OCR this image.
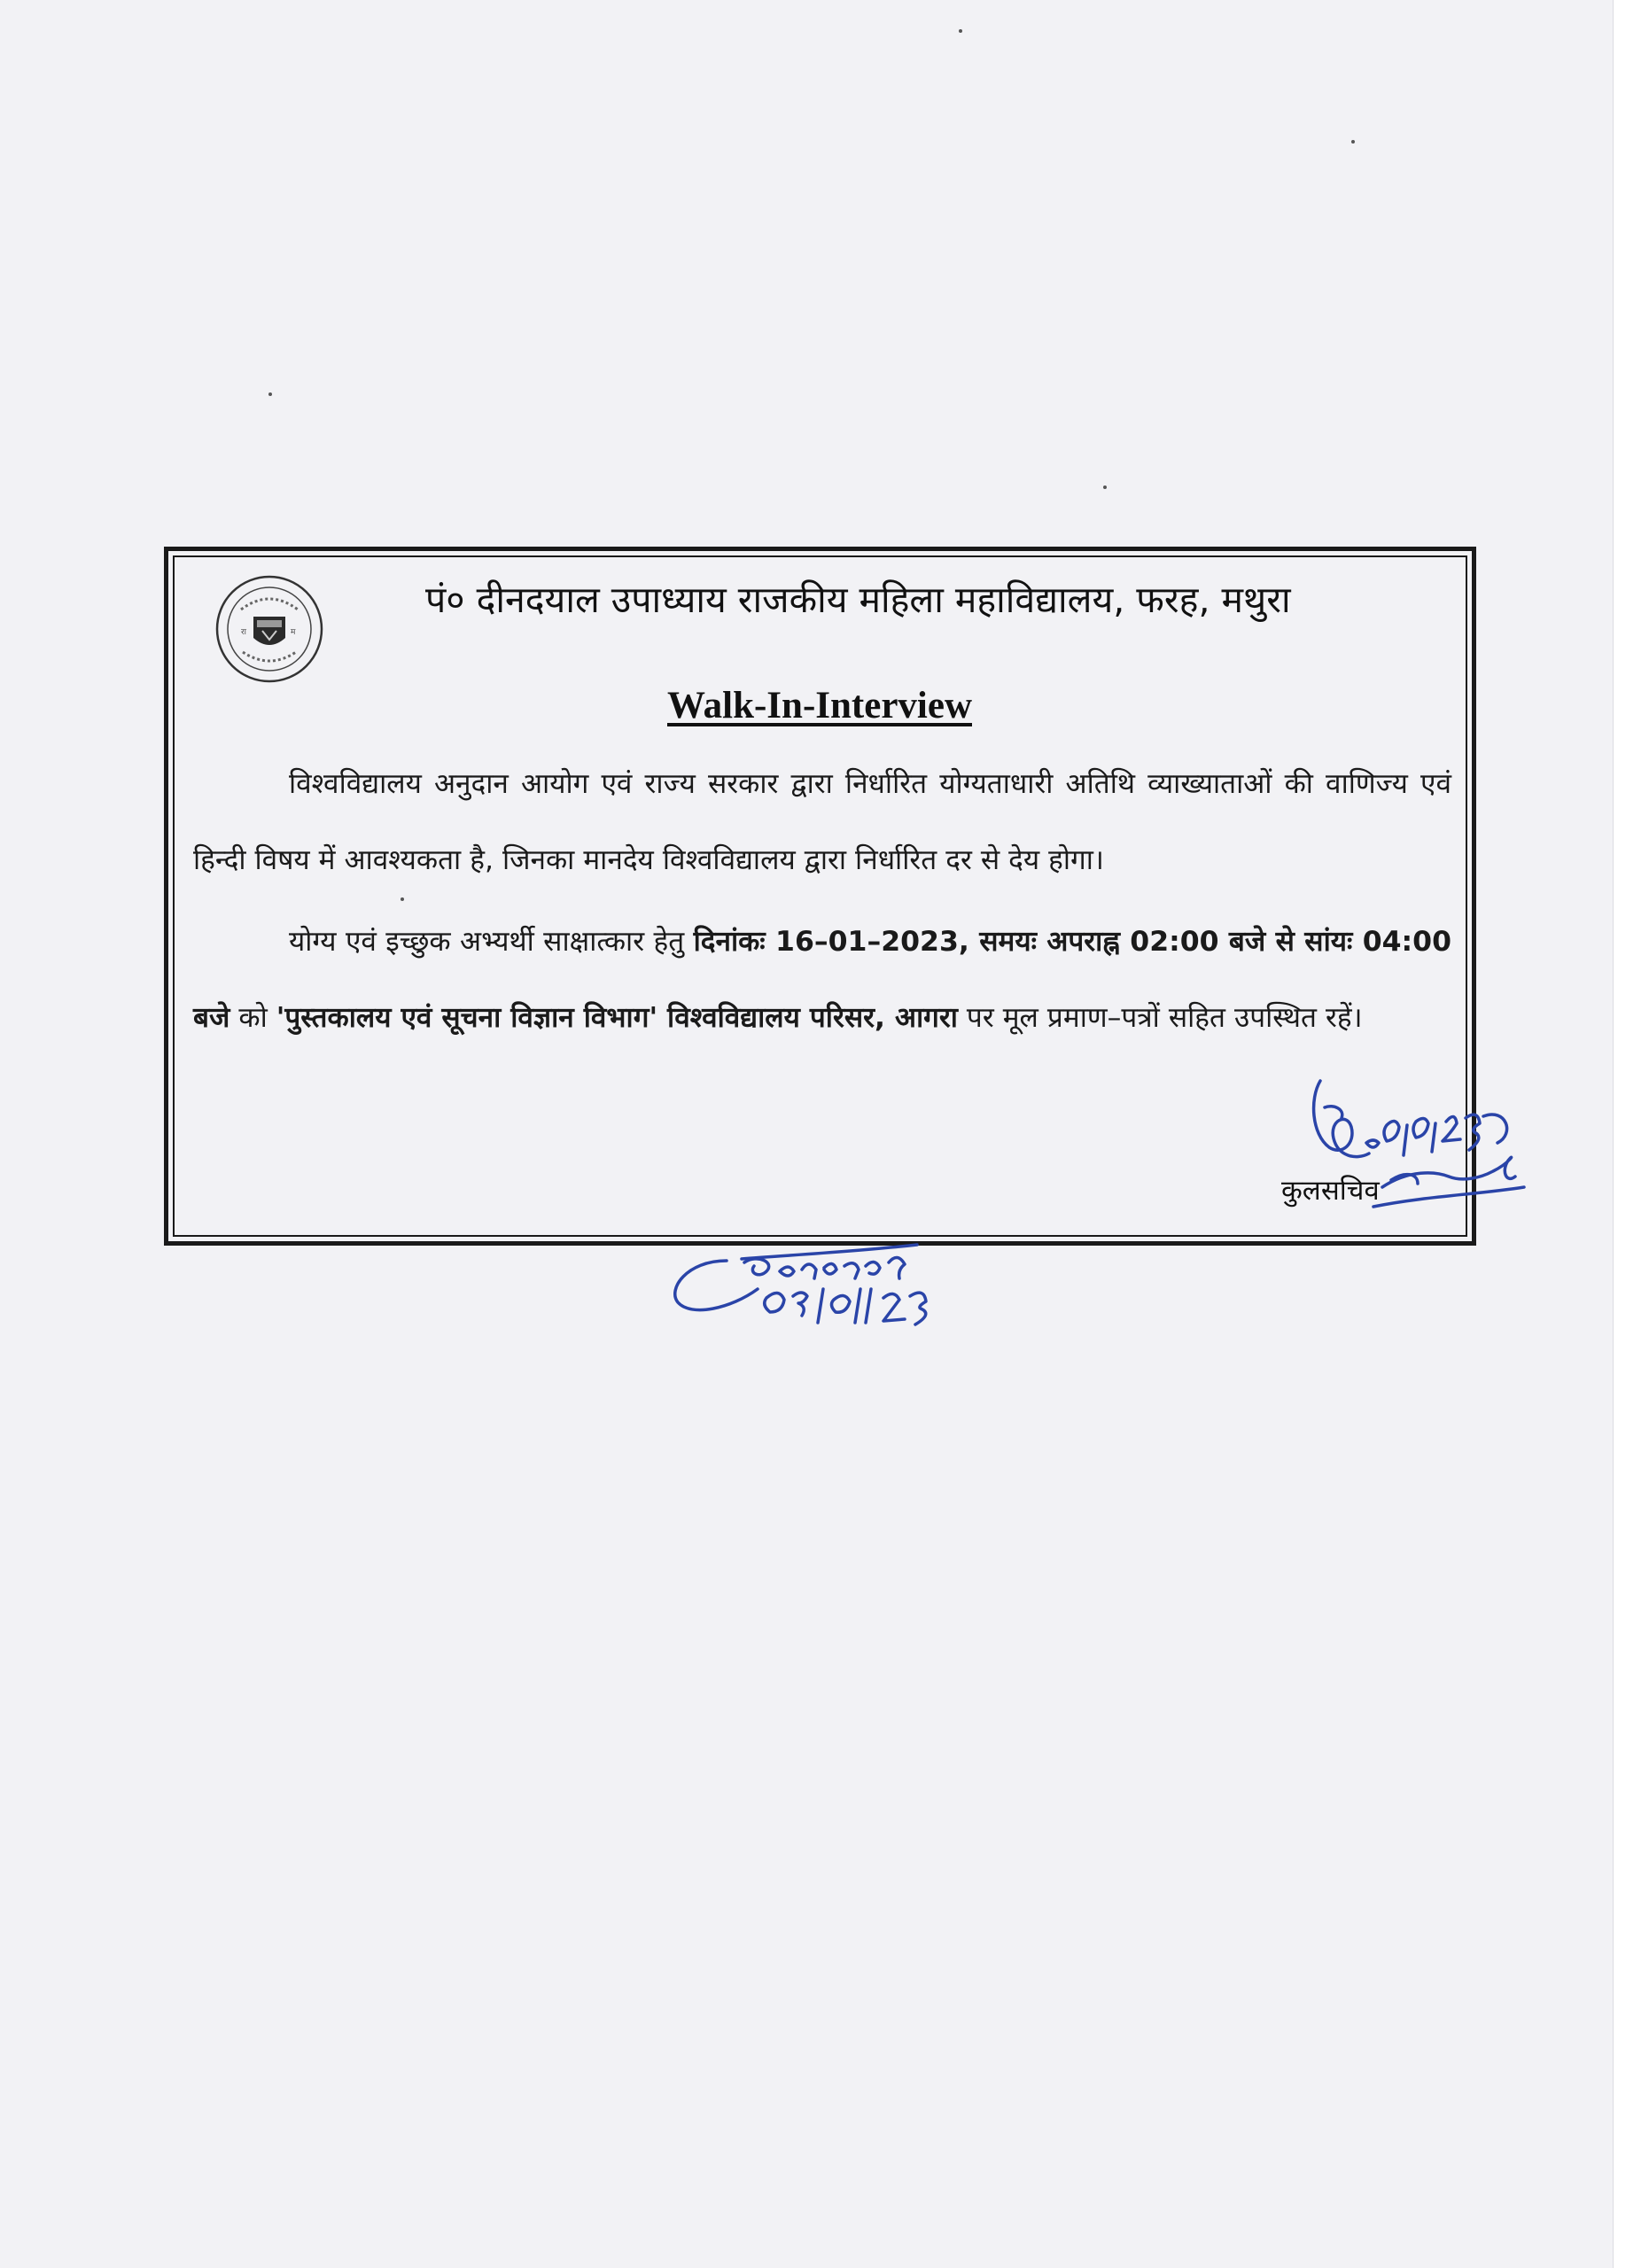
रा	म
पं० दीनदयाल उपाध्याय राजकीय महिला महाविद्यालय, फरह, मथुरा
Walk-In-Interview
विश्वविद्यालय अनुदान आयोग एवं राज्य सरकार द्वारा निर्धारित योग्यताधारी अतिथि व्याख्याताओं की वाणिज्य एवं हिन्दी विषय में आवश्यकता है, जिनका मानदेय विश्वविद्यालय द्वारा निर्धारित दर से देय होगा।
योग्य एवं इच्छुक अभ्यर्थी साक्षात्कार हेतु दिनांकः 16–01–2023, समयः अपराह्न 02:00 बजे से सांयः 04:00 बजे को 'पुस्तकालय एवं सूचना विज्ञान विभाग' विश्वविद्यालय परिसर, आगरा पर मूल प्रमाण–पत्रों सहित उपस्थित रहें।
कुलसचिव
